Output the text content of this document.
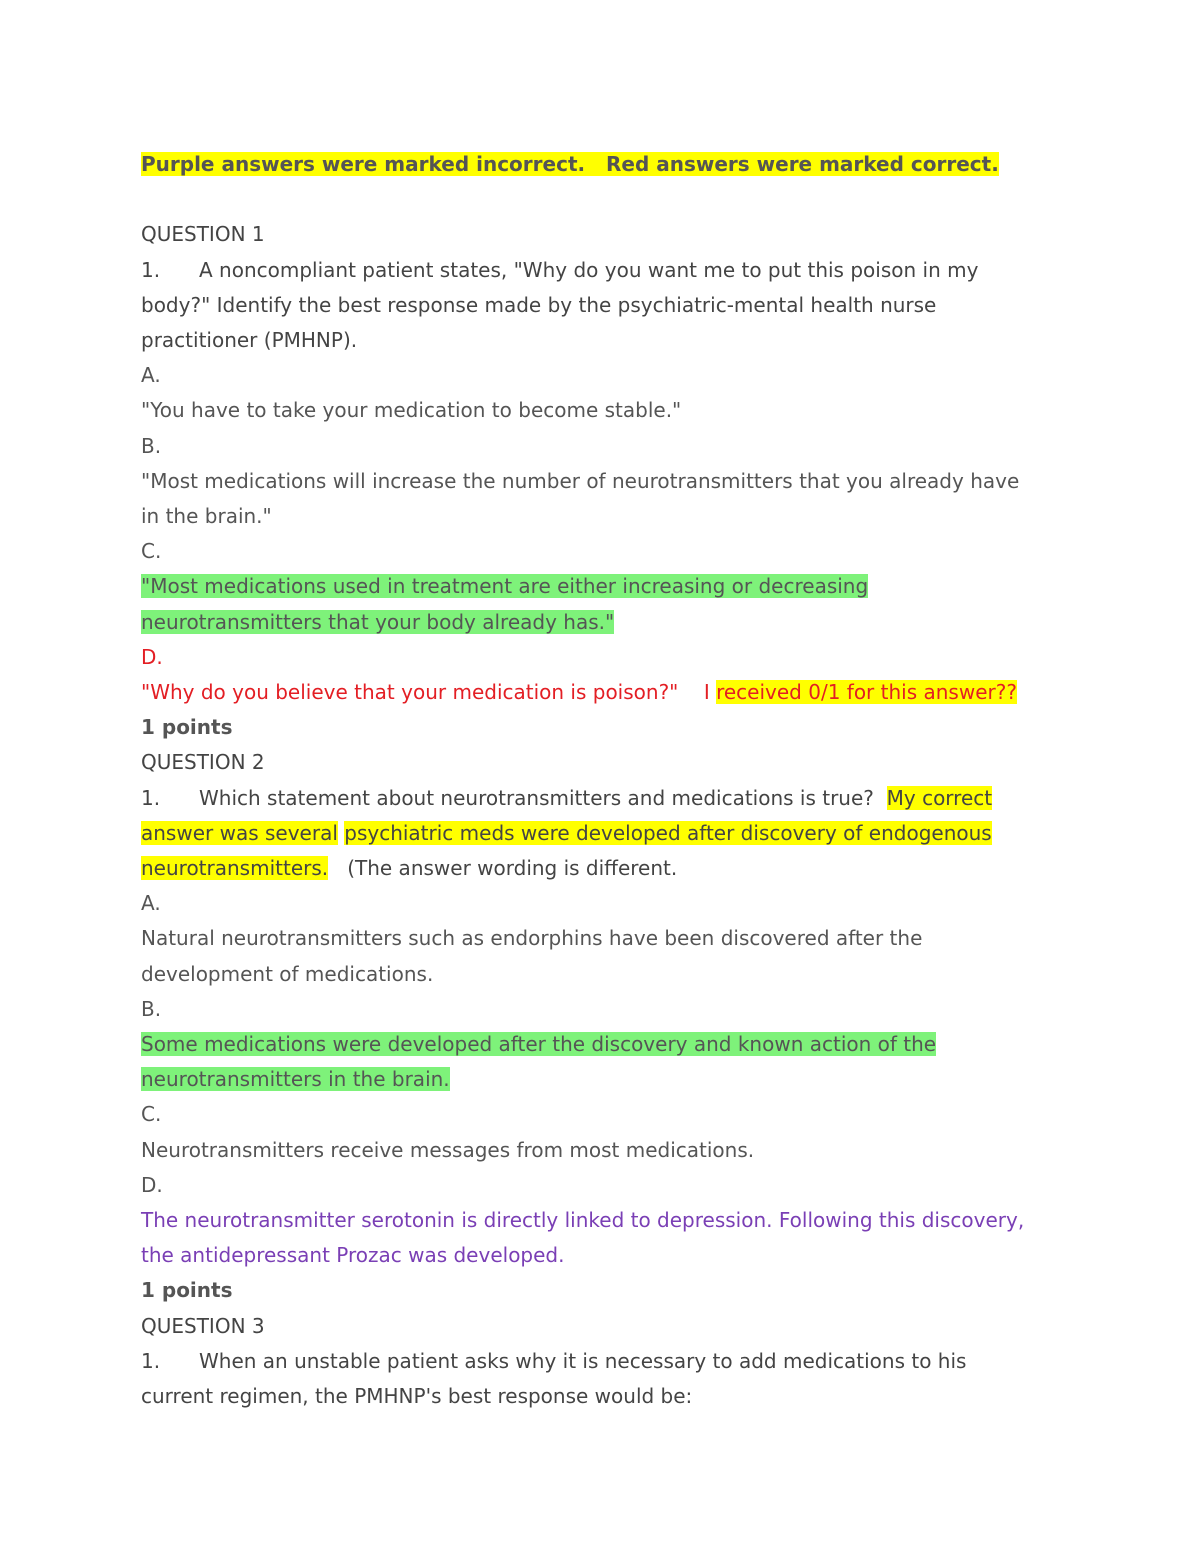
Purple answers were marked incorrect. Red answers were marked correct.
QUESTION 1
1. A noncompliant patient states, "Why do you want me to put this poison in my
body?" Identify the best response made by the psychiatric-mental health nurse
practitioner (PMHNP).
A.
"You have to take your medication to become stable."
B.
"Most medications will increase the number of neurotransmitters that you already have
in the brain."
C.
"Most medications used in treatment are either increasing or decreasing
neurotransmitters that your body already has."
D.
"Why do you believe that your medication is poison?" I received 0/1 for this answer??
1 points
QUESTION 2
1. Which statement about neurotransmitters and medications is true? My correct
answer was several psychiatric meds were developed after discovery of endogenous
neurotransmitters. (The answer wording is different.
A.
Natural neurotransmitters such as endorphins have been discovered after the
development of medications.
B.
Some medications were developed after the discovery and known action of the
neurotransmitters in the brain.
C.
Neurotransmitters receive messages from most medications.
D.
The neurotransmitter serotonin is directly linked to depression. Following this discovery,
the antidepressant Prozac was developed.
1 points
QUESTION 3
1. When an unstable patient asks why it is necessary to add medications to his
current regimen, the PMHNP's best response would be:
